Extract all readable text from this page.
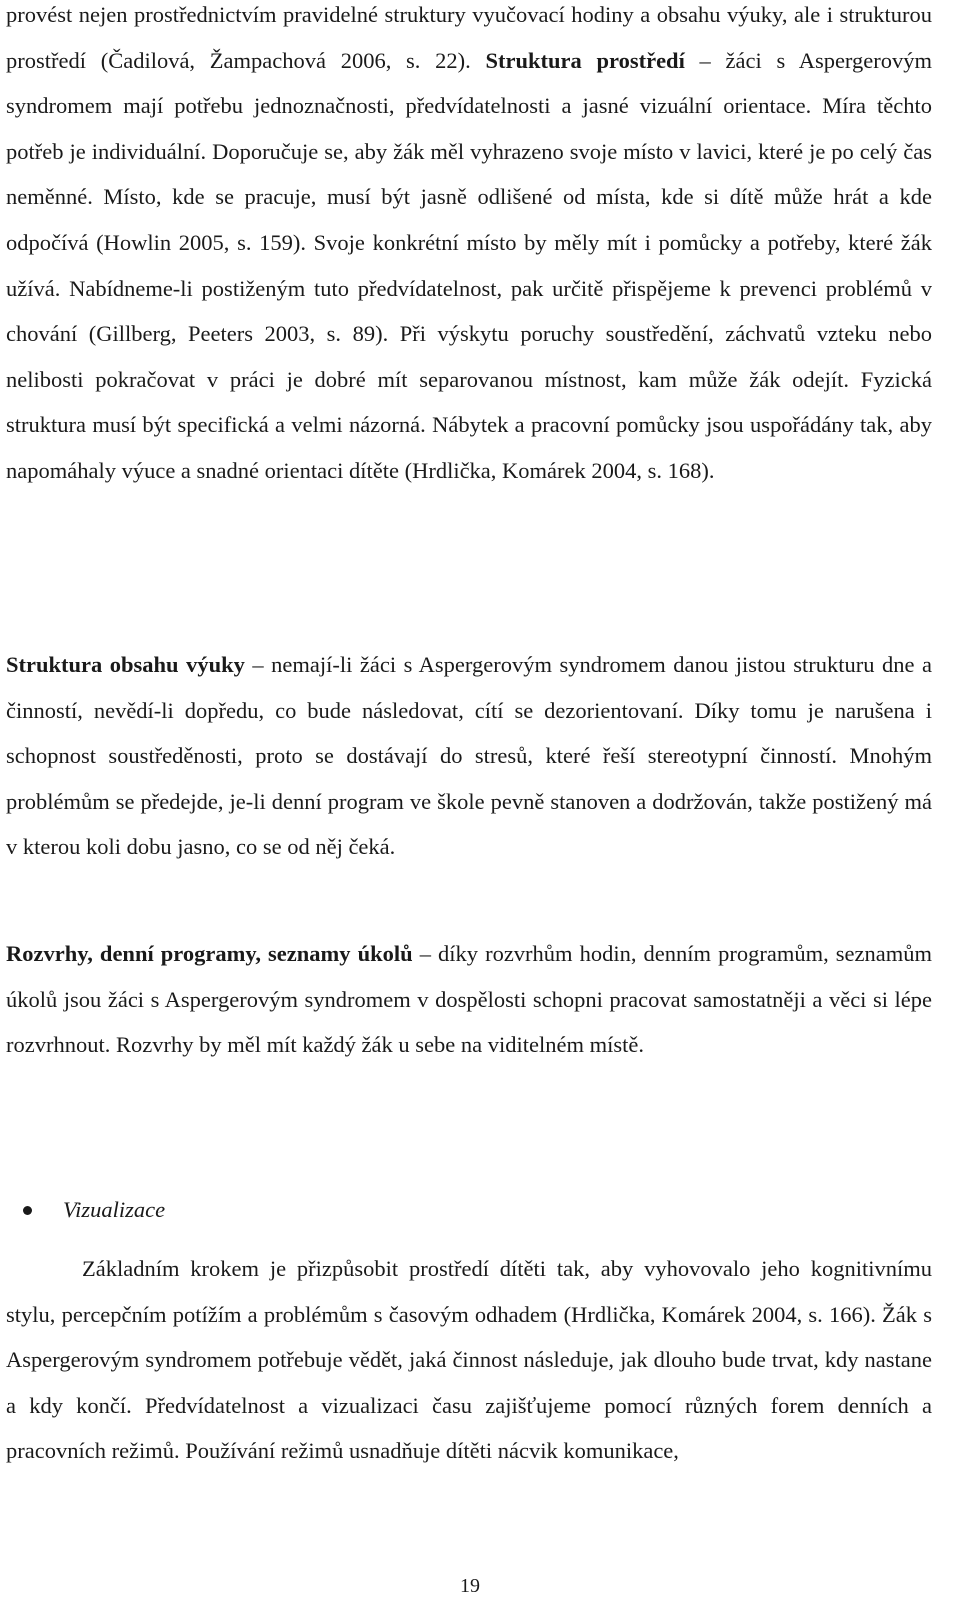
provést nejen prostřednictvím pravidelné struktury vyučovací hodiny a obsahu výuky, ale i strukturou prostředí (Čadilová, Žampachová 2006, s. 22). Struktura prostředí – žáci s Aspergerovým syndromem mají potřebu jednoznačnosti, předvídatelnosti a jasné vizuální orientace. Míra těchto potřeb je individuální. Doporučuje se, aby žák měl vyhrazeno svoje místo v lavici, které je po celý čas neměnné. Místo, kde se pracuje, musí být jasně odlišené od místa, kde si dítě může hrát a kde odpočívá (Howlin 2005, s. 159). Svoje konkrétní místo by měly mít i pomůcky a potřeby, které žák užívá. Nabídneme-li postiženým tuto předvídatelnost, pak určitě přispějeme k prevenci problémů v chování (Gillberg, Peeters 2003, s. 89). Při výskytu poruchy soustředění, záchvatů vzteku nebo nelibosti pokračovat v práci je dobré mít separovanou místnost, kam může žák odejít. Fyzická struktura musí být specifická a velmi názorná. Nábytek a pracovní pomůcky jsou uspořádány tak, aby napomáhaly výuce a snadné orientaci dítěte (Hrdlička, Komárek 2004, s. 168).

Struktura obsahu výuky – nemají-li žáci s Aspergerovým syndromem danou jistou strukturu dne a činností, nevědí-li dopředu, co bude následovat, cítí se dezorientovaní. Díky tomu je narušena i schopnost soustředěnosti, proto se dostávají do stresů, které řeší stereotypní činností. Mnohým problémům se předejde, je-li denní program ve škole pevně stanoven a dodržován, takže postižený má v kterou koli dobu jasno, co se od něj čeká.

Rozvrhy, denní programy, seznamy úkolů – díky rozvrhům hodin, denním programům, seznamům úkolů jsou žáci s Aspergerovým syndromem v dospělosti schopni pracovat samostatněji a věci si lépe rozvrhnout. Rozvrhy by měl mít každý žák u sebe na viditelném místě.

Vizualizace

Základním krokem je přizpůsobit prostředí dítěti tak, aby vyhovovalo jeho kognitivnímu stylu, percepčním potížím a problémům s časovým odhadem (Hrdlička, Komárek 2004, s. 166). Žák s Aspergerovým syndromem potřebuje vědět, jaká činnost následuje, jak dlouho bude trvat, kdy nastane a kdy končí. Předvídatelnost a vizualizaci času zajišťujeme pomocí různých forem denních a pracovních režimů. Používání režimů usnadňuje dítěti nácvik komunikace,

19
